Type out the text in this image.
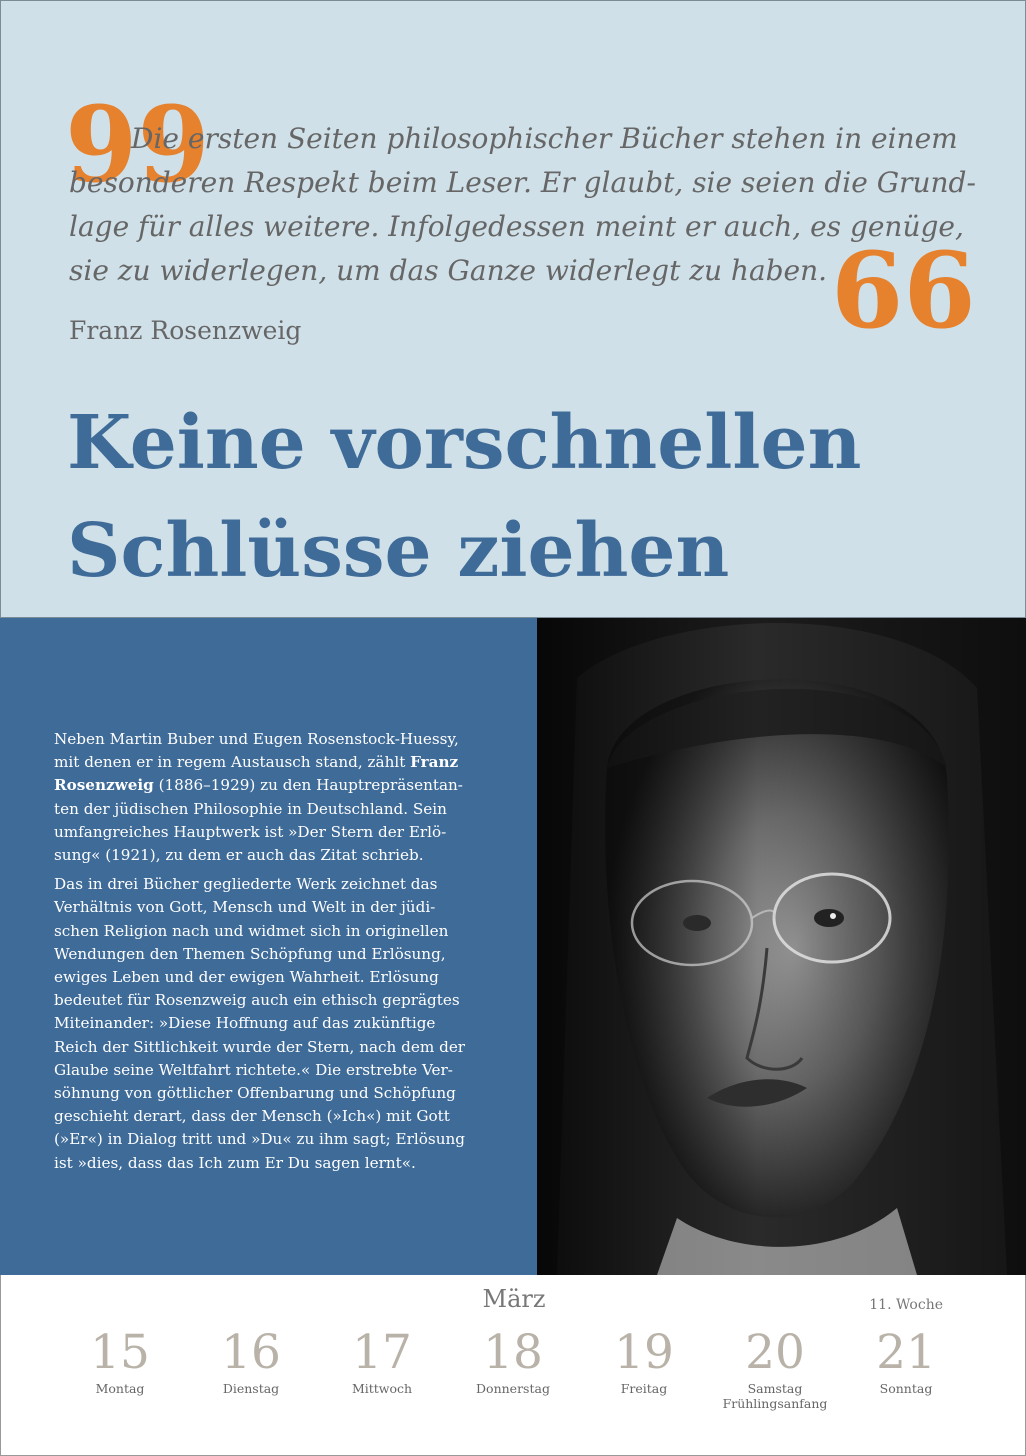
99

Die ersten Seiten philosophischer Bücher stehen in einem
besonderen Respekt beim Leser. Er glaubt, sie seien die Grund-
lage für alles weitere. Infolgedessen meint er auch, es genüge,
sie zu widerlegen, um das Ganze widerlegt zu haben. 66
Franz Rosenzweig
Keine vorschnellen
Schlüsse ziehen

Neben Martin Buber und Eugen Rosenstock-Huessy,
mit denen er in regem Austausch stand, zählt Franz
Rosenzweig (1886–1929) zu den Hauptrepräsentan-
ten der jüdischen Philosophie in Deutschland. Sein
umfangreiches Hauptwerk ist »Der Stern der Erlö-
sung« (1921), zu dem er auch das Zitat schrieb.

Das in drei Bücher gegliederte Werk zeichnet das
Verhältnis von Gott, Mensch und Welt in der jüdi-
schen Religion nach und widmet sich in originellen
Wendungen den Themen Schöpfung und Erlösung,
ewiges Leben und der ewigen Wahrheit. Erlösung
bedeutet für Rosenzweig auch ein ethisch geprägtes
Miteinander: »Diese Hoffnung auf das zukünftige
Reich der Sittlichkeit wurde der Stern, nach dem der
Glaube seine Weltfahrt richtete.« Die erstrebte Ver-
söhnung von göttlicher Offenbarung und Schöpfung
geschieht derart, dass der Mensch (»Ich«) mit Gott
(»Er«) in Dialog tritt und »Du« zu ihm sagt; Erlösung
ist »dies, dass das Ich zum Er Du sagen lernt«.

März	11. Woche
15
Montag
16
Dienstag
17
Mittwoch
18
Donnerstag
19
Freitag
20
Samstag
Frühlingsanfang
21
Sonntag
